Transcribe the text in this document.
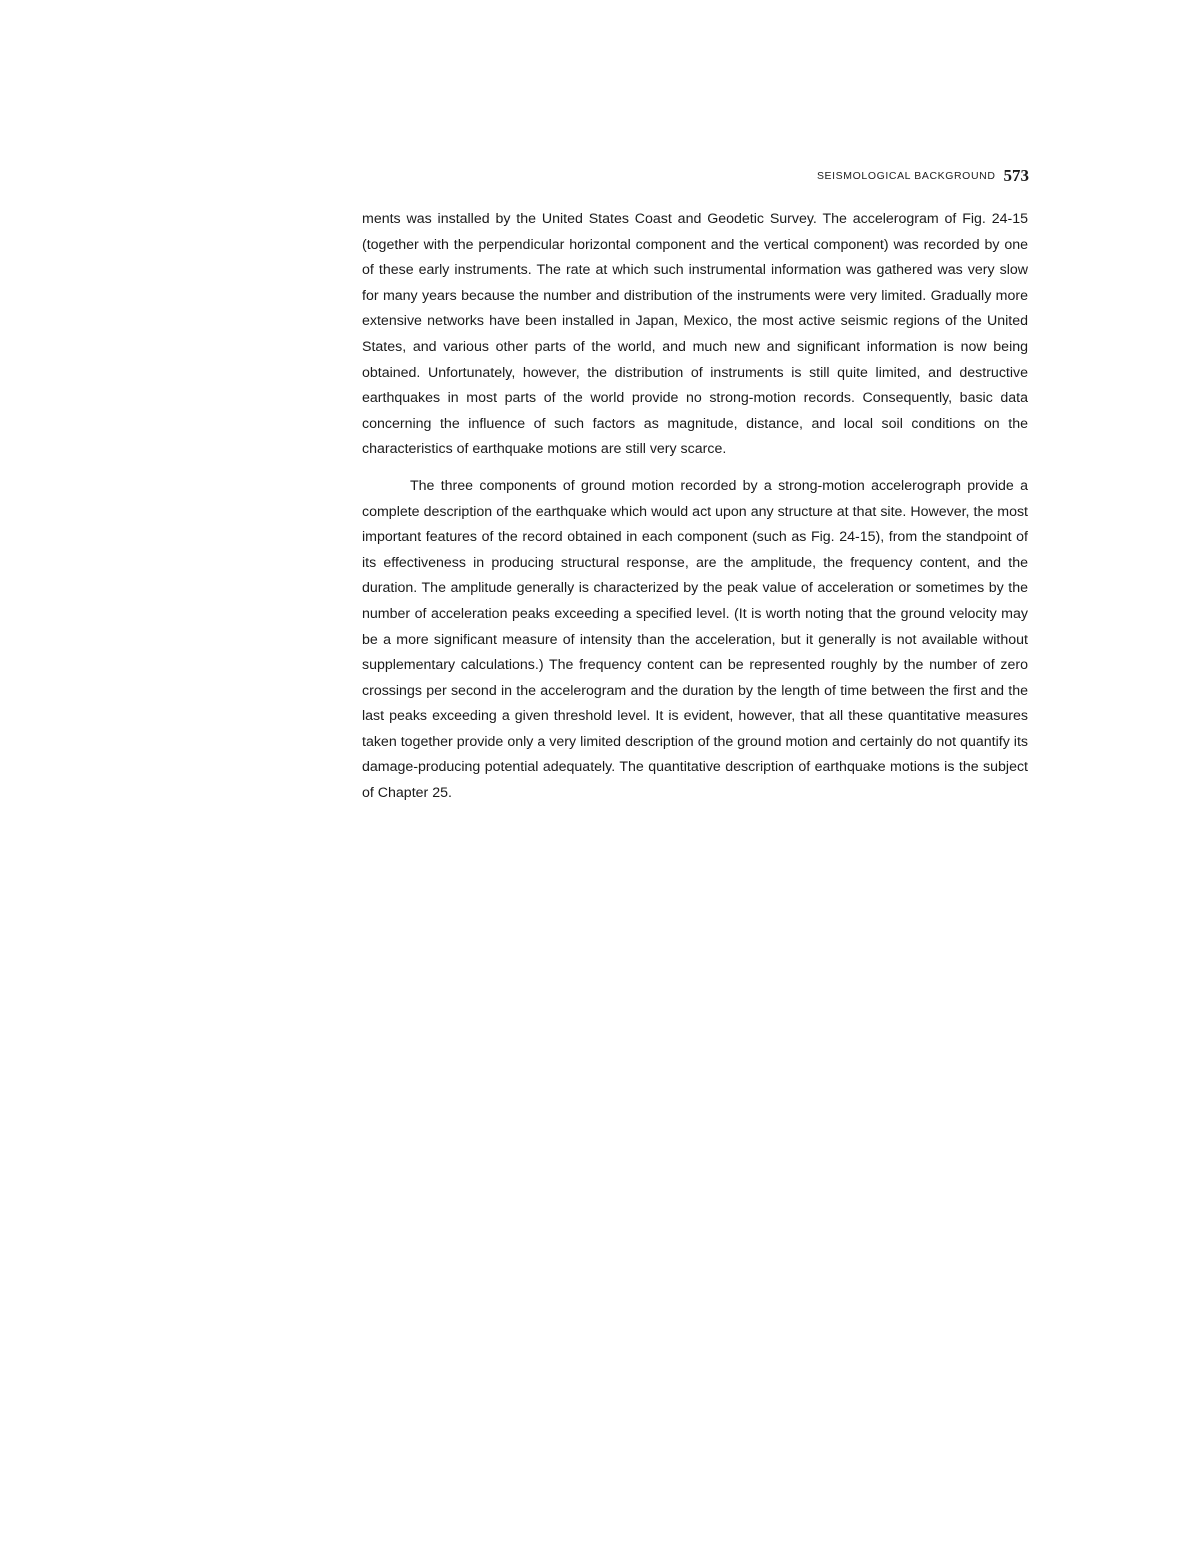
SEISMOLOGICAL BACKGROUND 573

ments was installed by the United States Coast and Geodetic Survey. The accelerogram of Fig. 24-15 (together with the perpendicular horizontal component and the vertical component) was recorded by one of these early instruments. The rate at which such instrumental information was gathered was very slow for many years because the number and distribution of the instruments were very limited. Gradually more extensive networks have been installed in Japan, Mexico, the most active seismic regions of the United States, and various other parts of the world, and much new and significant information is now being obtained. Unfortunately, however, the distribution of instruments is still quite limited, and destructive earthquakes in most parts of the world provide no strong-motion records. Consequently, basic data concerning the influence of such factors as magnitude, distance, and local soil conditions on the characteristics of earthquake motions are still very scarce.

The three components of ground motion recorded by a strong-motion accelerograph provide a complete description of the earthquake which would act upon any structure at that site. However, the most important features of the record obtained in each component (such as Fig. 24-15), from the standpoint of its effectiveness in producing structural response, are the amplitude, the frequency content, and the duration. The amplitude generally is characterized by the peak value of acceleration or sometimes by the number of acceleration peaks exceeding a specified level. (It is worth noting that the ground velocity may be a more significant measure of intensity than the acceleration, but it generally is not available without supplementary calculations.) The frequency content can be represented roughly by the number of zero crossings per second in the accelerogram and the duration by the length of time between the first and the last peaks exceeding a given threshold level. It is evident, however, that all these quantitative measures taken together provide only a very limited description of the ground motion and certainly do not quantify its damage-producing potential adequately. The quantitative description of earthquake motions is the subject of Chapter 25.
